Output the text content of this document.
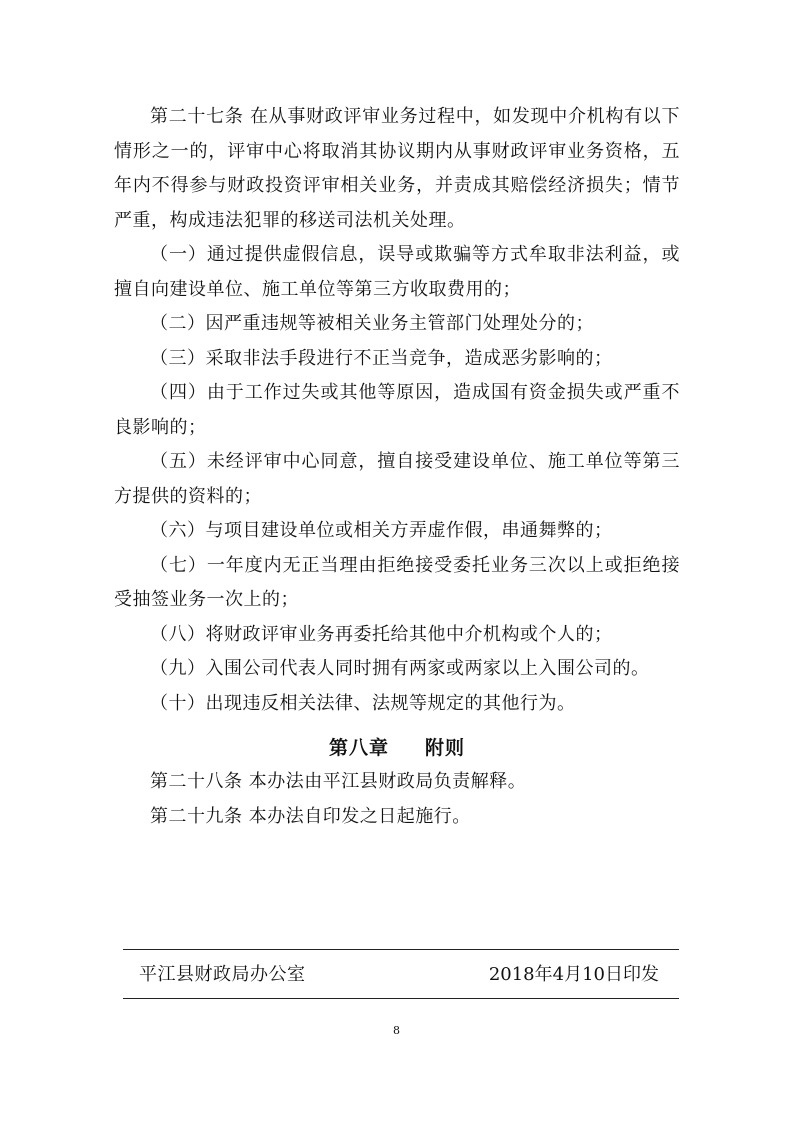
第二十七条 在从事财政评审业务过程中，如发现中介机构有以下情形之一的，评审中心将取消其协议期内从事财政评审业务资格，五年内不得参与财政投资评审相关业务，并责成其赔偿经济损失；情节严重，构成违法犯罪的移送司法机关处理。

（一）通过提供虚假信息，误导或欺骗等方式牟取非法利益，或擅自向建设单位、施工单位等第三方收取费用的；

（二）因严重违规等被相关业务主管部门处理处分的；

（三）采取非法手段进行不正当竞争，造成恶劣影响的；

（四）由于工作过失或其他等原因，造成国有资金损失或严重不良影响的；

（五）未经评审中心同意，擅自接受建设单位、施工单位等第三方提供的资料的；

（六）与项目建设单位或相关方弄虚作假，串通舞弊的；

（七）一年度内无正当理由拒绝接受委托业务三次以上或拒绝接受抽签业务一次上的；

（八）将财政评审业务再委托给其他中介机构或个人的；

（九）入围公司代表人同时拥有两家或两家以上入围公司的。

（十）出现违反相关法律、法规等规定的其他行为。

第八章 附则

第二十八条 本办法由平江县财政局负责解释。

第二十九条 本办法自印发之日起施行。

平江县财政局办公室	2018年4月10日印发
8
